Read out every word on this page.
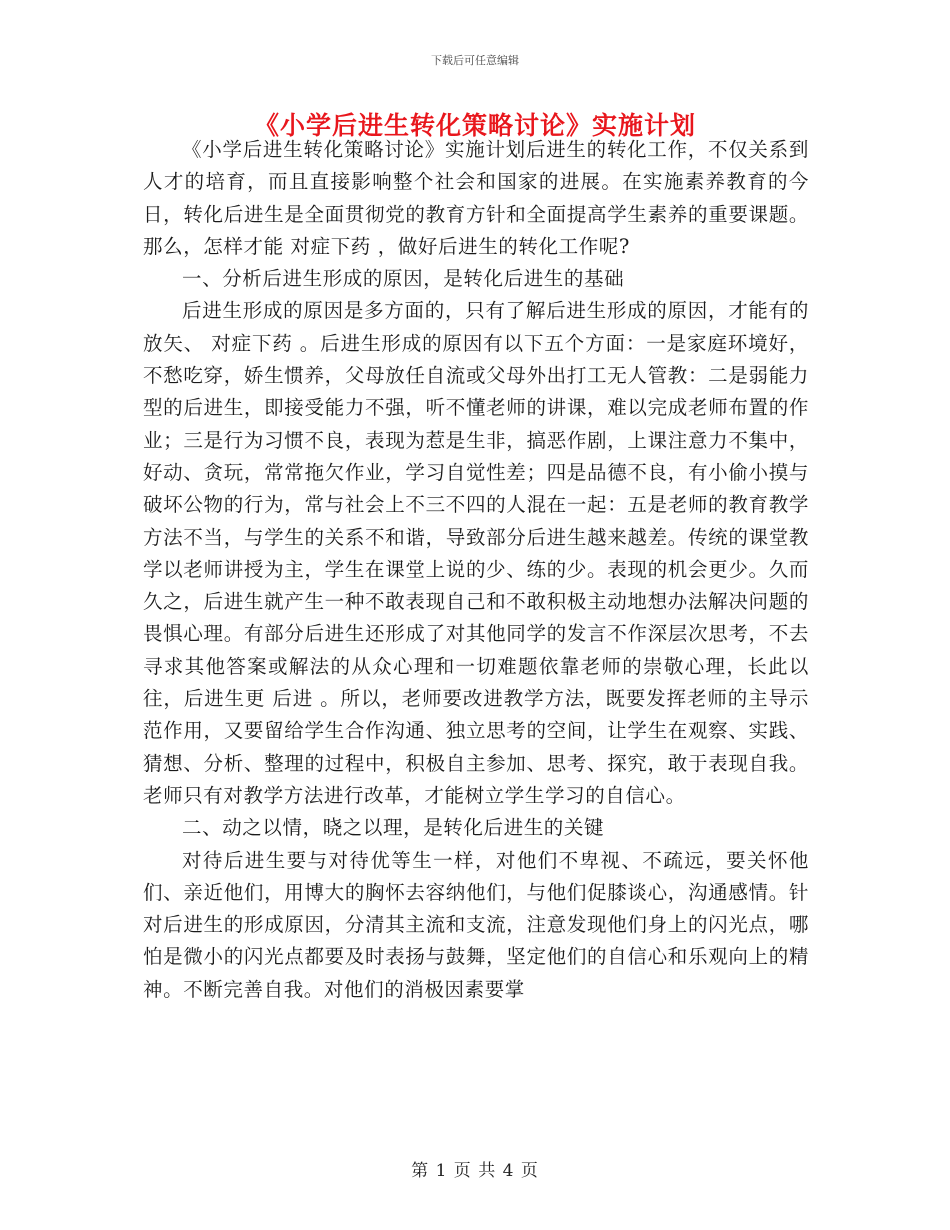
下载后可任意编辑
《小学后进生转化策略讨论》实施计划

《小学后进生转化策略讨论》实施计划后进生的转化工作，不仅关系到人才的培育，而且直接影响整个社会和国家的进展。在实施素养教育的今日，转化后进生是全面贯彻党的教育方针和全面提高学生素养的重要课题。那么，怎样才能 对症下药 ，做好后进生的转化工作呢?

一、分析后进生形成的原因，是转化后进生的基础

后进生形成的原因是多方面的，只有了解后进生形成的原因，才能有的放矢、 对症下药 。后进生形成的原因有以下五个方面：一是家庭环境好，不愁吃穿，娇生惯养，父母放任自流或父母外出打工无人管教：二是弱能力型的后进生，即接受能力不强，听不懂老师的讲课，难以完成老师布置的作业；三是行为习惯不良，表现为惹是生非，搞恶作剧，上课注意力不集中，好动、贪玩，常常拖欠作业，学习自觉性差；四是品德不良，有小偷小摸与破坏公物的行为，常与社会上不三不四的人混在一起：五是老师的教育教学方法不当，与学生的关系不和谐，导致部分后进生越来越差。传统的课堂教学以老师讲授为主，学生在课堂上说的少、练的少。表现的机会更少。久而久之，后进生就产生一种不敢表现自己和不敢积极主动地想办法解决问题的畏惧心理。有部分后进生还形成了对其他同学的发言不作深层次思考，不去寻求其他答案或解法的从众心理和一切难题依靠老师的崇敬心理，长此以往，后进生更 后进 。所以，老师要改进教学方法，既要发挥老师的主导示范作用，又要留给学生合作沟通、独立思考的空间，让学生在观察、实践、猜想、分析、整理的过程中，积极自主参加、思考、探究，敢于表现自我。老师只有对教学方法进行改革，才能树立学生学习的自信心。

二、动之以情，晓之以理，是转化后进生的关键

对待后进生要与对待优等生一样，对他们不卑视、不疏远，要关怀他们、亲近他们，用博大的胸怀去容纳他们，与他们促膝谈心，沟通感情。针对后进生的形成原因，分清其主流和支流，注意发现他们身上的闪光点，哪怕是微小的闪光点都要及时表扬与鼓舞，坚定他们的自信心和乐观向上的精神。不断完善自我。对他们的消极因素要掌

第 1 页 共 4 页
